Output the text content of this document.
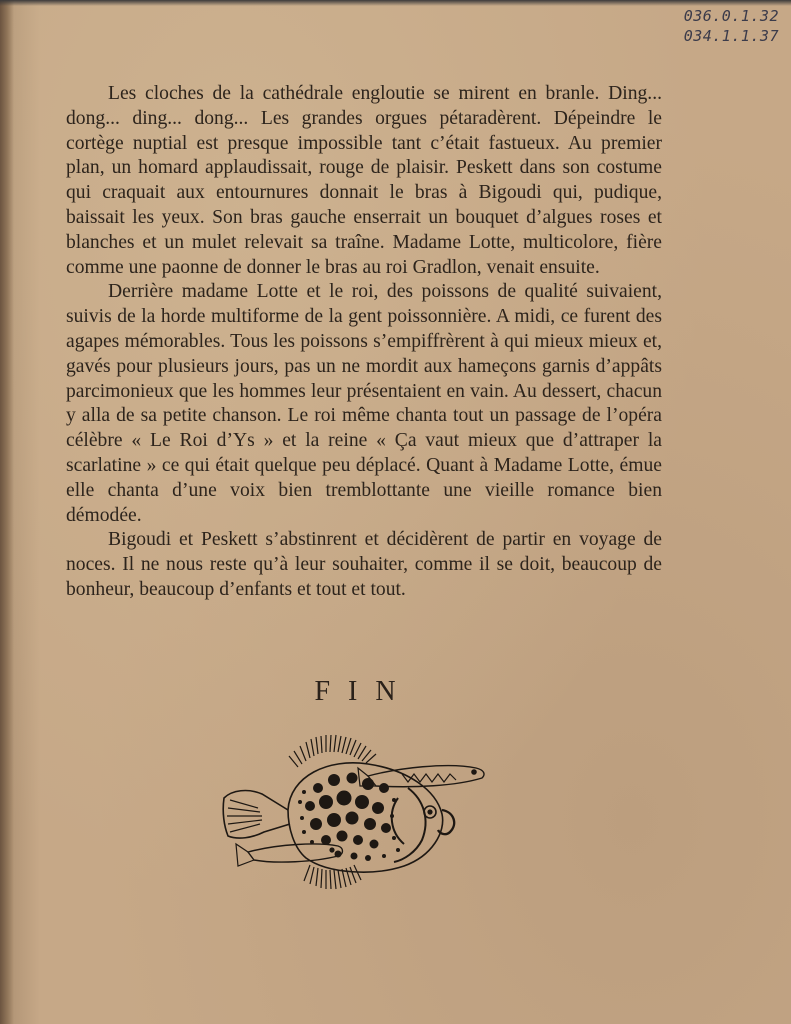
036.0.1.32
034.1.1.37

Les cloches de la cathédrale engloutie se mirent en branle. Ding... dong... ding... dong... Les grandes orgues pétaradèrent. Dépeindre le cortège nuptial est presque impossible tant c’était fastueux. Au premier plan, un homard applaudissait, rouge de plaisir. Peskett dans son costume qui craquait aux entournures donnait le bras à Bigoudi qui, pudique, baissait les yeux. Son bras gauche enserrait un bouquet d’algues roses et blanches et un mulet relevait sa traîne. Madame Lotte, multicolore, fière comme une paonne de donner le bras au roi Gradlon, venait ensuite.

Derrière madame Lotte et le roi, des poissons de qualité suivaient, suivis de la horde multiforme de la gent poissonnière. A midi, ce furent des agapes mémorables. Tous les poissons s’empiffrèrent à qui mieux mieux et, gavés pour plusieurs jours, pas un ne mordit aux hameçons garnis d’appâts parcimonieux que les hommes leur présentaient en vain. Au dessert, chacun y alla de sa petite chanson. Le roi même chanta tout un passage de l’opéra célèbre « Le Roi d’Ys » et la reine « Ça vaut mieux que d’attraper la scarlatine » ce qui était quelque peu déplacé. Quant à Madame Lotte, émue elle chanta d’une voix bien tremblottante une vieille romance bien démodée.

Bigoudi et Peskett s’abstinrent et décidèrent de partir en voyage de noces. Il ne nous reste qu’à leur souhaiter, comme il se doit, beaucoup de bonheur, beaucoup d’enfants et tout et tout.

FIN
